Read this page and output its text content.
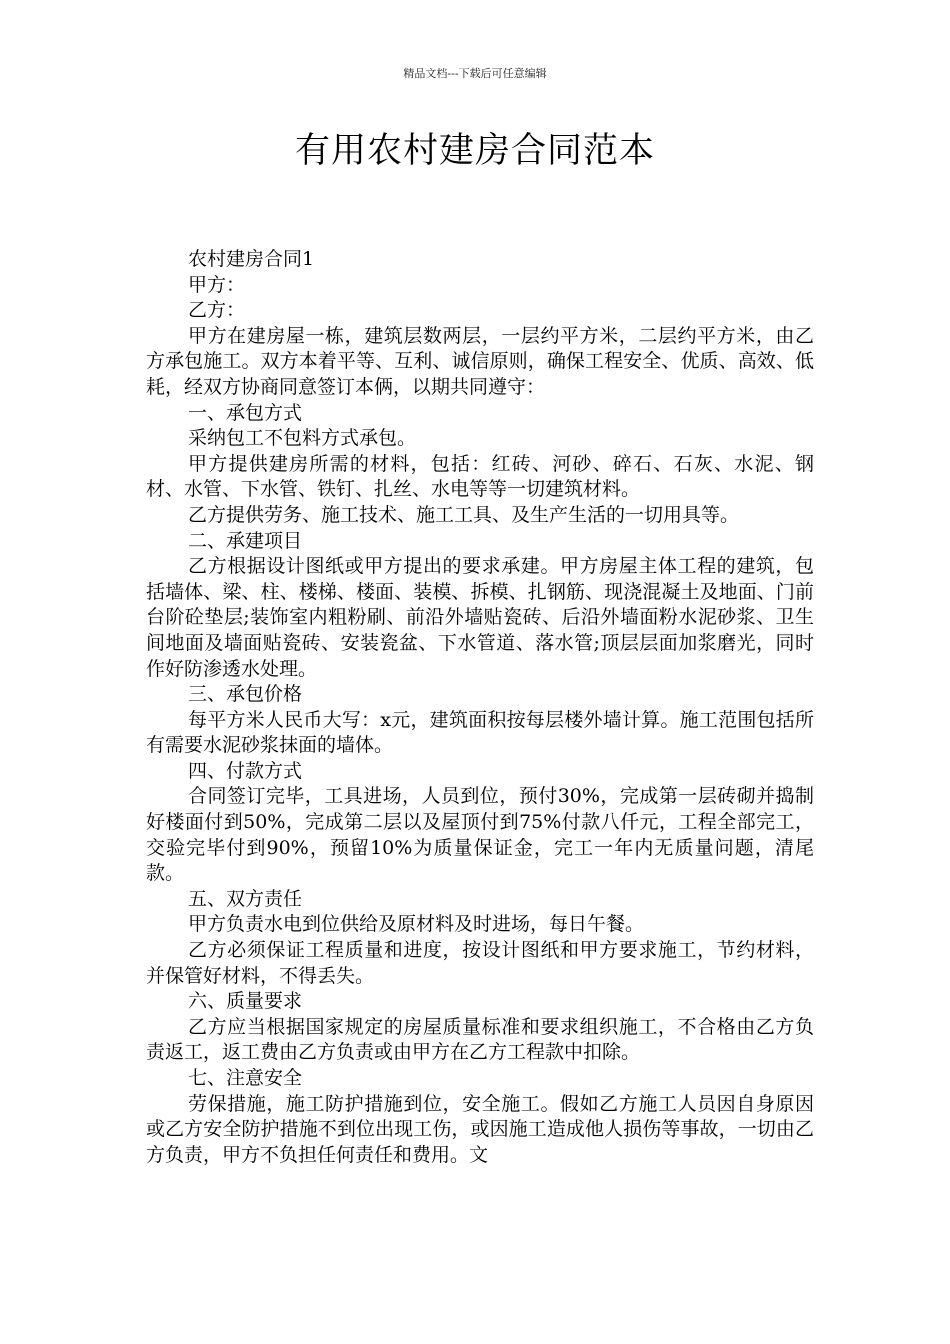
精品文档---下载后可任意编辑
有用农村建房合同范本

农村建房合同1

甲方：

乙方：

甲方在建房屋一栋，建筑层数两层，一层约平方米，二层约平方米，由乙方承包施工。双方本着平等、互利、诚信原则，确保工程安全、优质、高效、低耗，经双方协商同意签订本俩，以期共同遵守：

一、承包方式

采纳包工不包料方式承包。

甲方提供建房所需的材料，包括：红砖、河砂、碎石、石灰、水泥、钢材、水管、下水管、铁钉、扎丝、水电等等一切建筑材料。

乙方提供劳务、施工技术、施工工具、及生产生活的一切用具等。

二、承建项目

乙方根据设计图纸或甲方提出的要求承建。甲方房屋主体工程的建筑，包括墙体、梁、柱、楼梯、楼面、装模、拆模、扎钢筋、现浇混凝土及地面、门前台阶砼垫层;装饰室内粗粉刷、前沿外墙贴瓷砖、后沿外墙面粉水泥砂浆、卫生间地面及墙面贴瓷砖、安装瓷盆、下水管道、落水管;顶层层面加浆磨光，同时作好防渗透水处理。

三、承包价格

每平方米人民币大写：x元，建筑面积按每层楼外墙计算。施工范围包括所有需要水泥砂浆抹面的墙体。

四、付款方式

合同签订完毕，工具进场，人员到位，预付30%，完成第一层砖砌并捣制好楼面付到50%，完成第二层以及屋顶付到75%付款八仟元，工程全部完工，交验完毕付到90%，预留10%为质量保证金，完工一年内无质量问题，清尾款。

五、双方责任

甲方负责水电到位供给及原材料及时进场，每日午餐。

乙方必须保证工程质量和进度，按设计图纸和甲方要求施工，节约材料，并保管好材料，不得丢失。

六、质量要求

乙方应当根据国家规定的房屋质量标准和要求组织施工，不合格由乙方负责返工，返工费由乙方负责或由甲方在乙方工程款中扣除。

七、注意安全

劳保措施，施工防护措施到位，安全施工。假如乙方施工人员因自身原因或乙方安全防护措施不到位出现工伤，或因施工造成他人损伤等事故，一切由乙方负责，甲方不负担任何责任和费用。文
